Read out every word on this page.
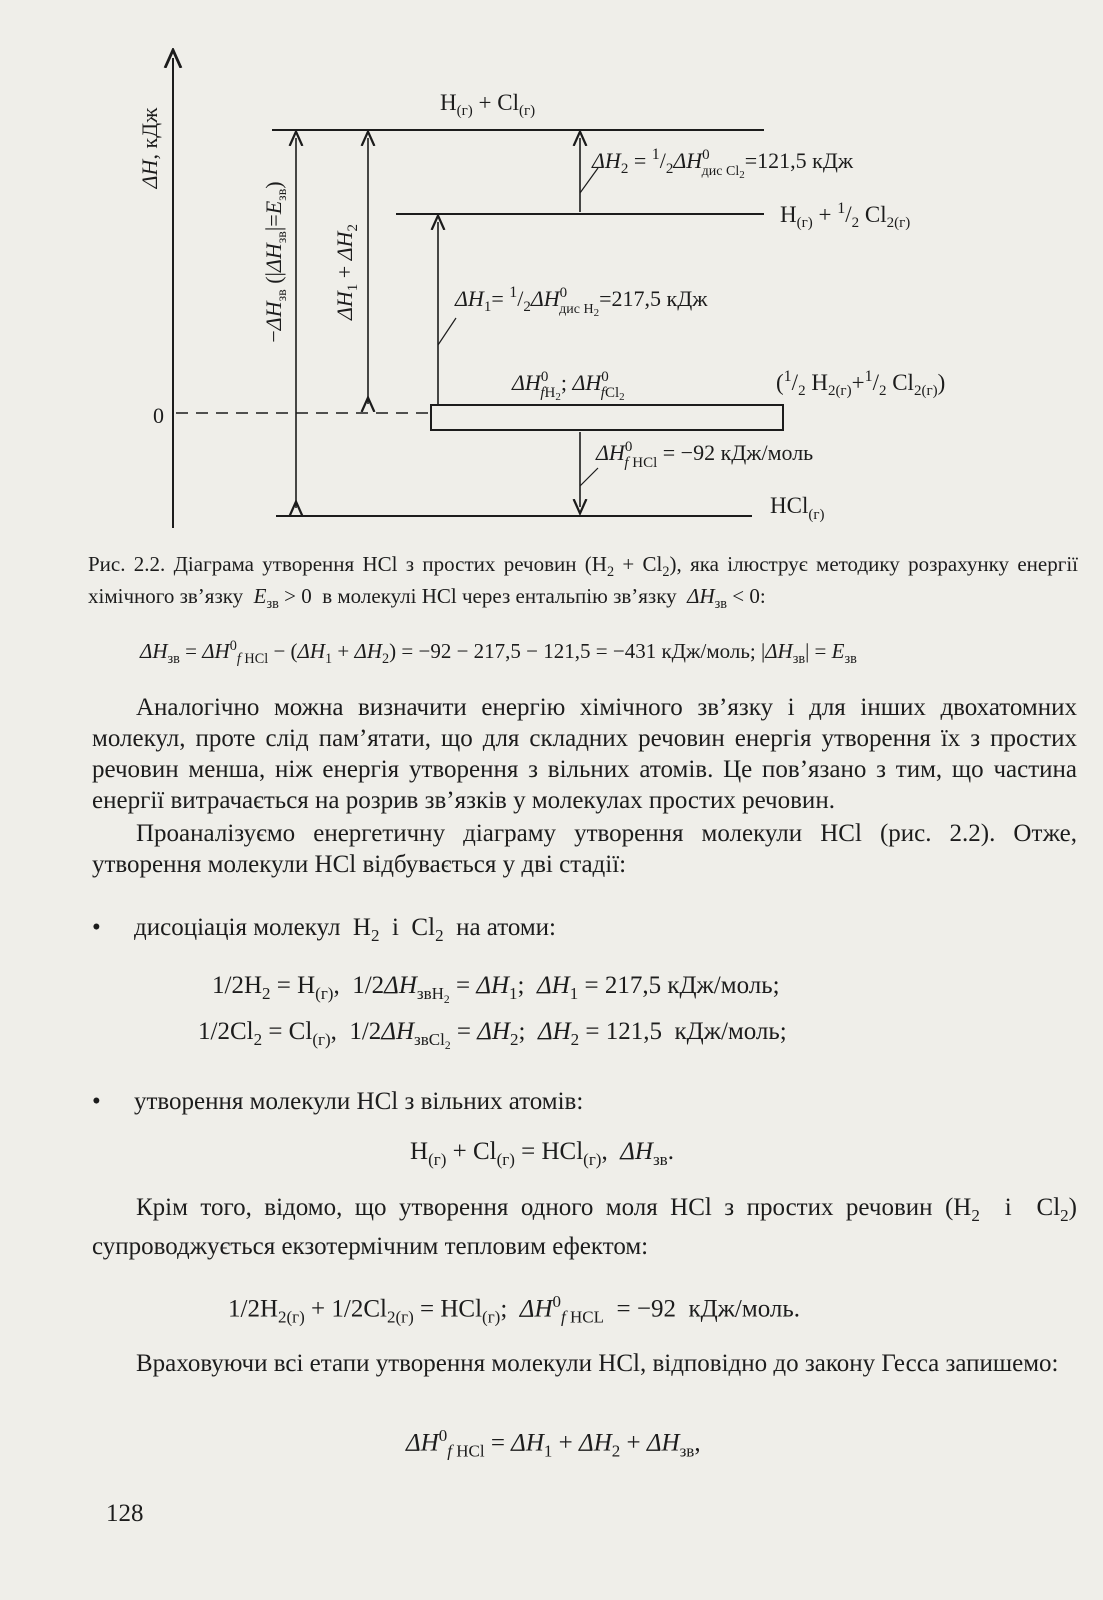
ΔH, кДж
0
$H_{(г)} + Cl_{(г)}$
$H_{(г)} + ^1/_2$ $Cl_{2(г)}$
($^1/_2$ $H_{2(г)}+^1/_2$ $Cl_{2(г)}$)
$\Delta H^0$ fH2; $\Delta H^0$ fCl2
HCl$_{(г)}$
$\Delta H_2 = ^1/_2\Delta H^0$ дис Cl2=121,5 кДж
$\Delta H_1= ^1/_2\Delta H^0$ дис H2=217,5 кДж
$\Delta H^0$ f HCl = −92 кДж/моль
$\Delta H_1 + \Delta H_2$
$-\Delta H_{зв}$ $(|\Delta H_{зв}|=E_{зв})$
Рис. 2.2. Діаграма утворення HCl з простих речовин $(H_2 + Cl_2)$, яка ілюструє методику розрахунку енергії хімічного зв’язку  $E_{зв} > 0$  в молекулі HCl через ентальпію зв’язку  $\Delta H_{зв} < 0$:
$\Delta H_{зв} = \Delta H^0_{f HCl} - (\Delta H_1 + \Delta H_2) = -92 - 217,5 - 121,5 = -431$ кДж/моль; $|\Delta H_{зв}| = E_{зв}$
Аналогічно можна визначити енергію хімічного зв’язку і для інших двохатомних молекул, проте слід пам’ятати, що для складних речовин енергія утворення їх з простих речовин менша, ніж енергія утворення з вільних атомів. Це пов’язано з тим, що частина енергії витрачається на розрив зв’язків у молекулах простих речовин.
Проаналізуємо енергетичну діаграму утворення молекули HCl (рис. 2.2). Отже, утворення молекули HCl відбувається у дві стадії:
• дисоціація молекул  $H_2$  і  $Cl_2$  на атоми:
$1/2H_2 = H_{(г)}$,  $1/2\Delta H_{звH_2} = \Delta H_1$;  $\Delta H_1 = 217,5$ кДж/моль;
$1/2Cl_2 = Cl_{(г)}$,  $1/2\Delta H_{звCl_2} = \Delta H_2$;  $\Delta H_2 = 121,5$  кДж/моль;
• утворення молекули HCl з вільних атомів:
$H_{(г)} + Cl_{(г)} = HCl_{(г)}$,  $\Delta H_{зв}$.
Крім того, відомо, що утворення одного моля HCl з простих речовин ($H_2$  і  $Cl_2$) супроводжується екзотермічним тепловим ефектом:
$1/2H_{2(г)} + 1/2Cl_{2(г)} = HCl_{(г)}$;  $\Delta H^0_{f HCL} = -92$  кДж/моль.
Враховуючи всі етапи утворення молекули HCl, відповідно до закону Гесса запишемо:
$\Delta H^0_{f HCl} = \Delta H_1 + \Delta H_2 + \Delta H_{зв}$,
128
